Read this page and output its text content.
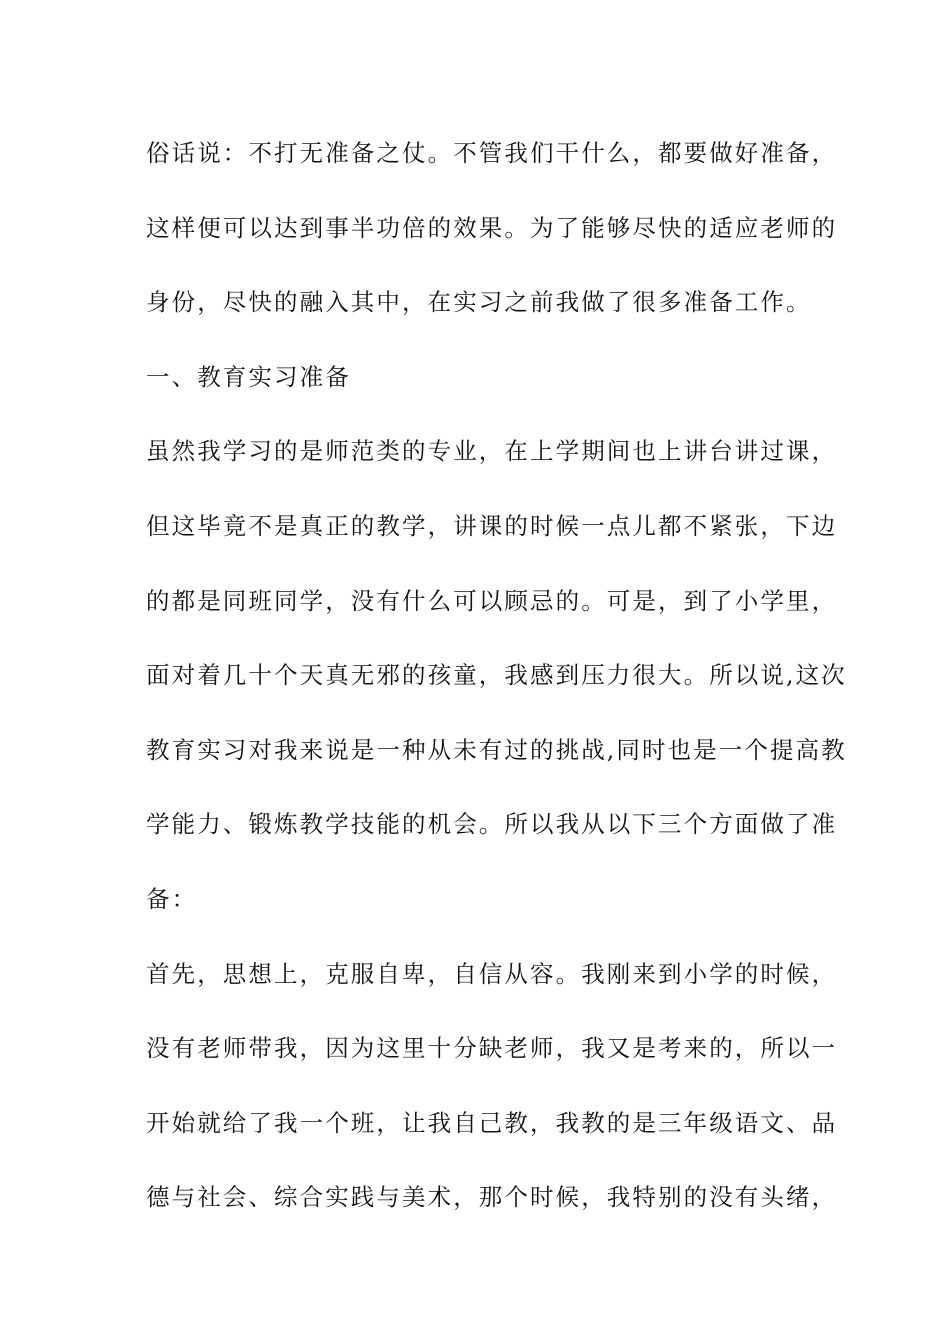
俗话说：不打无准备之仗。不管我们干什么，都要做好准备，
这样便可以达到事半功倍的效果。为了能够尽快的适应老师的
身份，尽快的融入其中，在实习之前我做了很多准备工作。
一、教育实习准备
虽然我学习的是师范类的专业，在上学期间也上讲台讲过课，
但这毕竟不是真正的教学，讲课的时候一点儿都不紧张，下边
的都是同班同学，没有什么可以顾忌的。可是，到了小学里，
面对着几十个天真无邪的孩童，我感到压力很大。所以说,这次
教育实习对我来说是一种从未有过的挑战,同时也是一个提高教
学能力、锻炼教学技能的机会。所以我从以下三个方面做了准
备：
首先，思想上，克服自卑，自信从容。我刚来到小学的时候，
没有老师带我，因为这里十分缺老师，我又是考来的，所以一
开始就给了我一个班，让我自己教，我教的是三年级语文、品
德与社会、综合实践与美术，那个时候，我特别的没有头绪，
